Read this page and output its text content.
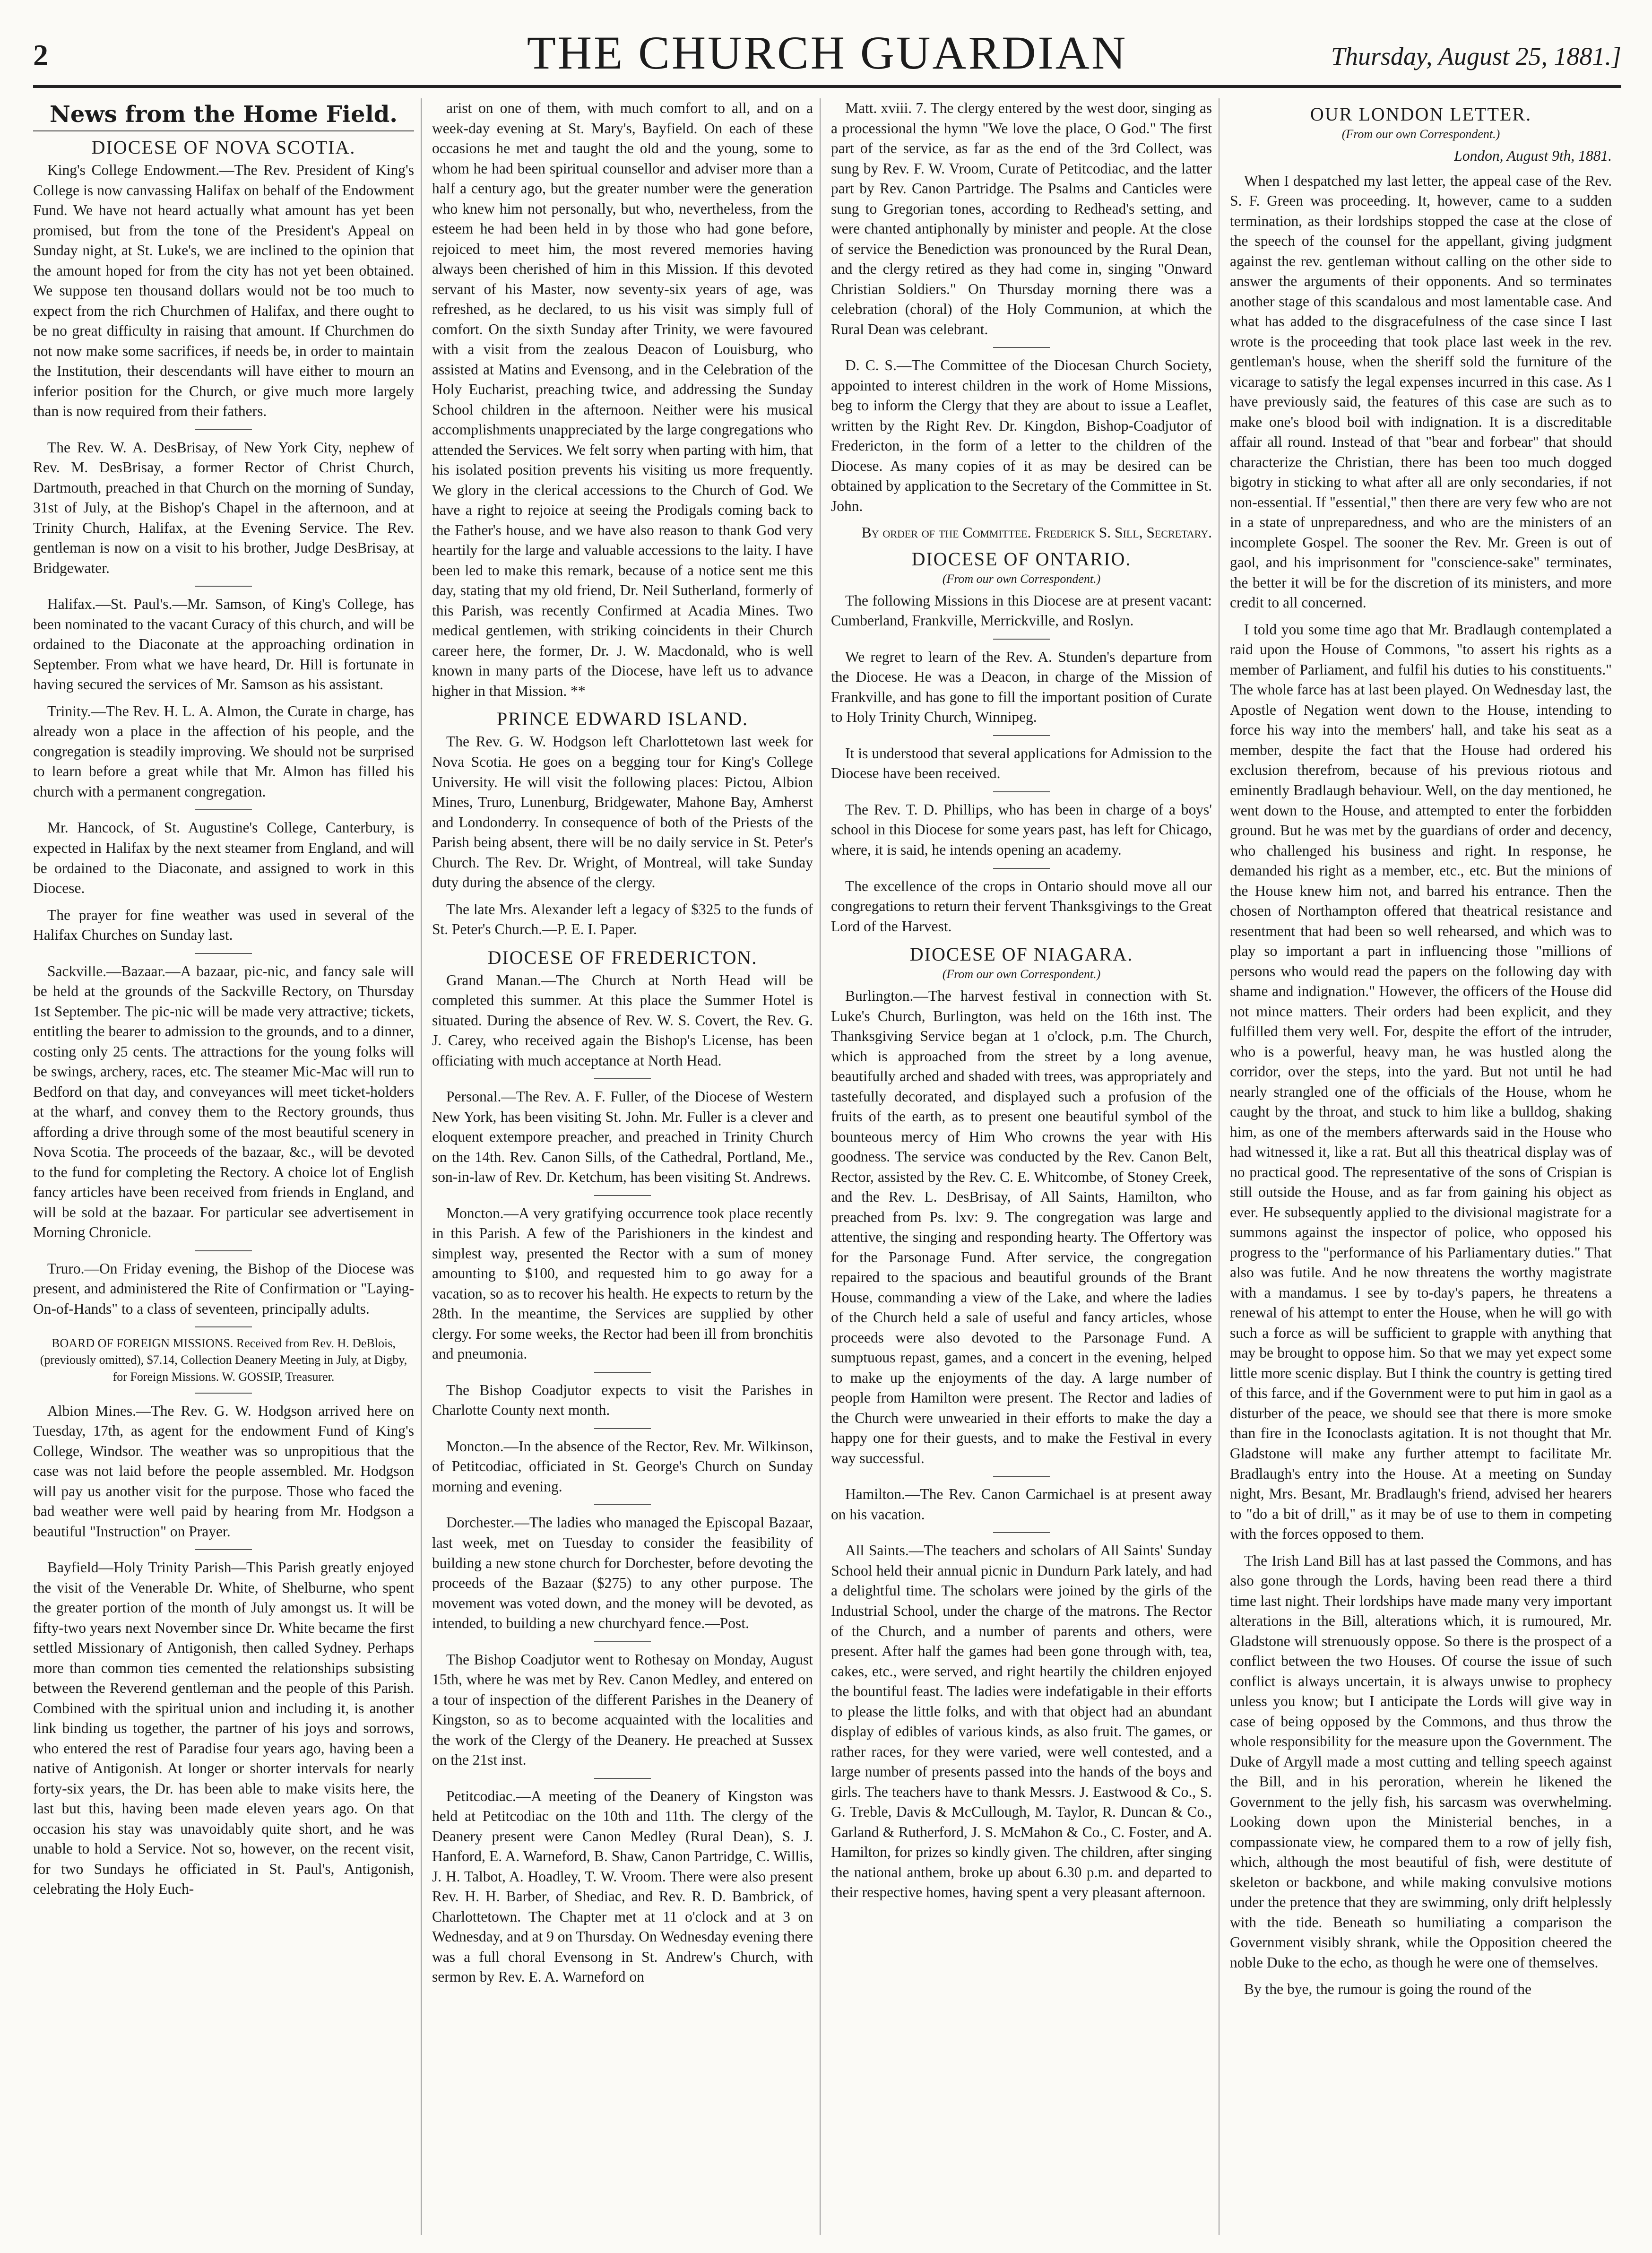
2	THE CHURCH GUARDIAN	Thursday, August 25, 1881.]
News from the Home Field.
DIOCESE OF NOVA SCOTIA.

King's College Endowment.—The Rev. President of King's College is now canvassing Halifax on behalf of the Endowment Fund. We have not heard actually what amount has yet been promised, but from the tone of the President's Appeal on Sunday night, at St. Luke's, we are inclined to the opinion that the amount hoped for from the city has not yet been obtained. We suppose ten thousand dollars would not be too much to expect from the rich Churchmen of Halifax, and there ought to be no great difficulty in raising that amount. If Churchmen do not now make some sacrifices, if needs be, in order to maintain the Institution, their descendants will have either to mourn an inferior position for the Church, or give much more largely than is now required from their fathers.

The Rev. W. A. DesBrisay, of New York City, nephew of Rev. M. DesBrisay, a former Rector of Christ Church, Dartmouth, preached in that Church on the morning of Sunday, 31st of July, at the Bishop's Chapel in the afternoon, and at Trinity Church, Halifax, at the Evening Service. The Rev. gentleman is now on a visit to his brother, Judge DesBrisay, at Bridgewater.

Halifax.—St. Paul's.—Mr. Samson, of King's College, has been nominated to the vacant Curacy of this church, and will be ordained to the Diaconate at the approaching ordination in September. From what we have heard, Dr. Hill is fortunate in having secured the services of Mr. Samson as his assistant.

Trinity.—The Rev. H. L. A. Almon, the Curate in charge, has already won a place in the affection of his people, and the congregation is steadily improving. We should not be surprised to learn before a great while that Mr. Almon has filled his church with a permanent congregation.

Mr. Hancock, of St. Augustine's College, Canterbury, is expected in Halifax by the next steamer from England, and will be ordained to the Diaconate, and assigned to work in this Diocese.

The prayer for fine weather was used in several of the Halifax Churches on Sunday last.

Sackville.—Bazaar.—A bazaar, pic-nic, and fancy sale will be held at the grounds of the Sackville Rectory, on Thursday 1st September. The pic-nic will be made very attractive; tickets, entitling the bearer to admission to the grounds, and to a dinner, costing only 25 cents. The attractions for the young folks will be swings, archery, races, etc. The steamer Mic-Mac will run to Bedford on that day, and conveyances will meet ticket-holders at the wharf, and convey them to the Rectory grounds, thus affording a drive through some of the most beautiful scenery in Nova Scotia. The proceeds of the bazaar, &c., will be devoted to the fund for completing the Rectory. A choice lot of English fancy articles have been received from friends in England, and will be sold at the bazaar. For particular see advertisement in Morning Chronicle.

Truro.—On Friday evening, the Bishop of the Diocese was present, and administered the Rite of Confirmation or "Laying-On-of-Hands" to a class of seventeen, principally adults.

BOARD OF FOREIGN MISSIONS. Received from Rev. H. DeBlois, (previously omitted), $7.14, Collection Deanery Meeting in July, at Digby, for Foreign Missions. W. GOSSIP, Treasurer.

Albion Mines.—The Rev. G. W. Hodgson arrived here on Tuesday, 17th, as agent for the endowment Fund of King's College, Windsor. The weather was so unpropitious that the case was not laid before the people assembled. Mr. Hodgson will pay us another visit for the purpose. Those who faced the bad weather were well paid by hearing from Mr. Hodgson a beautiful "Instruction" on Prayer.

Bayfield—Holy Trinity Parish—This Parish greatly enjoyed the visit of the Venerable Dr. White, of Shelburne, who spent the greater portion of the month of July amongst us. It will be fifty-two years next November since Dr. White became the first settled Missionary of Antigonish, then called Sydney. Perhaps more than common ties cemented the relationships subsisting between the Reverend gentleman and the people of this Parish. Combined with the spiritual union and including it, is another link binding us together, the partner of his joys and sorrows, who entered the rest of Paradise four years ago, having been a native of Antigonish. At longer or shorter intervals for nearly forty-six years, the Dr. has been able to make visits here, the last but this, having been made eleven years ago. On that occasion his stay was unavoidably quite short, and he was unable to hold a Service. Not so, however, on the recent visit, for two Sundays he officiated in St. Paul's, Antigonish, celebrating the Holy Euch-

arist on one of them, with much comfort to all, and on a week-day evening at St. Mary's, Bayfield. On each of these occasions he met and taught the old and the young, some to whom he had been spiritual counsellor and adviser more than a half a century ago, but the greater number were the generation who knew him not personally, but who, nevertheless, from the esteem he had been held in by those who had gone before, rejoiced to meet him, the most revered memories having always been cherished of him in this Mission. If this devoted servant of his Master, now seventy-six years of age, was refreshed, as he declared, to us his visit was simply full of comfort. On the sixth Sunday after Trinity, we were favoured with a visit from the zealous Deacon of Louisburg, who assisted at Matins and Evensong, and in the Celebration of the Holy Eucharist, preaching twice, and addressing the Sunday School children in the afternoon. Neither were his musical accomplishments unappreciated by the large congregations who attended the Services. We felt sorry when parting with him, that his isolated position prevents his visiting us more frequently. We glory in the clerical accessions to the Church of God. We have a right to rejoice at seeing the Prodigals coming back to the Father's house, and we have also reason to thank God very heartily for the large and valuable accessions to the laity. I have been led to make this remark, because of a notice sent me this day, stating that my old friend, Dr. Neil Sutherland, formerly of this Parish, was recently Confirmed at Acadia Mines. Two medical gentlemen, with striking coincidents in their Church career here, the former, Dr. J. W. Macdonald, who is well known in many parts of the Diocese, have left us to advance higher in that Mission. **

PRINCE EDWARD ISLAND.

The Rev. G. W. Hodgson left Charlottetown last week for Nova Scotia. He goes on a begging tour for King's College University. He will visit the following places: Pictou, Albion Mines, Truro, Lunenburg, Bridgewater, Mahone Bay, Amherst and Londonderry. In consequence of both of the Priests of the Parish being absent, there will be no daily service in St. Peter's Church. The Rev. Dr. Wright, of Montreal, will take Sunday duty during the absence of the clergy.

The late Mrs. Alexander left a legacy of $325 to the funds of St. Peter's Church.—P. E. I. Paper.

DIOCESE OF FREDERICTON.

Grand Manan.—The Church at North Head will be completed this summer. At this place the Summer Hotel is situated. During the absence of Rev. W. S. Covert, the Rev. G. J. Carey, who received again the Bishop's License, has been officiating with much acceptance at North Head.

Personal.—The Rev. A. F. Fuller, of the Diocese of Western New York, has been visiting St. John. Mr. Fuller is a clever and eloquent extempore preacher, and preached in Trinity Church on the 14th. Rev. Canon Sills, of the Cathedral, Portland, Me., son-in-law of Rev. Dr. Ketchum, has been visiting St. Andrews.

Moncton.—A very gratifying occurrence took place recently in this Parish. A few of the Parishioners in the kindest and simplest way, presented the Rector with a sum of money amounting to $100, and requested him to go away for a vacation, so as to recover his health. He expects to return by the 28th. In the meantime, the Services are supplied by other clergy. For some weeks, the Rector had been ill from bronchitis and pneumonia.

The Bishop Coadjutor expects to visit the Parishes in Charlotte County next month.

Moncton.—In the absence of the Rector, Rev. Mr. Wilkinson, of Petitcodiac, officiated in St. George's Church on Sunday morning and evening.

Dorchester.—The ladies who managed the Episcopal Bazaar, last week, met on Tuesday to consider the feasibility of building a new stone church for Dorchester, before devoting the proceeds of the Bazaar ($275) to any other purpose. The movement was voted down, and the money will be devoted, as intended, to building a new churchyard fence.—Post.

The Bishop Coadjutor went to Rothesay on Monday, August 15th, where he was met by Rev. Canon Medley, and entered on a tour of inspection of the different Parishes in the Deanery of Kingston, so as to become acquainted with the localities and the work of the Clergy of the Deanery. He preached at Sussex on the 21st inst.

Petitcodiac.—A meeting of the Deanery of Kingston was held at Petitcodiac on the 10th and 11th. The clergy of the Deanery present were Canon Medley (Rural Dean), S. J. Hanford, E. A. Warneford, B. Shaw, Canon Partridge, C. Willis, J. H. Talbot, A. Hoadley, T. W. Vroom. There were also present Rev. H. H. Barber, of Shediac, and Rev. R. D. Bambrick, of Charlottetown. The Chapter met at 11 o'clock and at 3 on Wednesday, and at 9 on Thursday. On Wednesday evening there was a full choral Evensong in St. Andrew's Church, with sermon by Rev. E. A. Warneford on

Matt. xviii. 7. The clergy entered by the west door, singing as a processional the hymn "We love the place, O God." The first part of the service, as far as the end of the 3rd Collect, was sung by Rev. F. W. Vroom, Curate of Petitcodiac, and the latter part by Rev. Canon Partridge. The Psalms and Canticles were sung to Gregorian tones, according to Redhead's setting, and were chanted antiphonally by minister and people. At the close of service the Benediction was pronounced by the Rural Dean, and the clergy retired as they had come in, singing "Onward Christian Soldiers." On Thursday morning there was a celebration (choral) of the Holy Communion, at which the Rural Dean was celebrant.

D. C. S.—The Committee of the Diocesan Church Society, appointed to interest children in the work of Home Missions, beg to inform the Clergy that they are about to issue a Leaflet, written by the Right Rev. Dr. Kingdon, Bishop-Coadjutor of Fredericton, in the form of a letter to the children of the Diocese. As many copies of it as may be desired can be obtained by application to the Secretary of the Committee in St. John.

By order of the Committee. Frederick S. Sill, Secretary.
DIOCESE OF ONTARIO.
(From our own Correspondent.)

The following Missions in this Diocese are at present vacant: Cumberland, Frankville, Merrickville, and Roslyn.

We regret to learn of the Rev. A. Stunden's departure from the Diocese. He was a Deacon, in charge of the Mission of Frankville, and has gone to fill the important position of Curate to Holy Trinity Church, Winnipeg.

It is understood that several applications for Admission to the Diocese have been received.

The Rev. T. D. Phillips, who has been in charge of a boys' school in this Diocese for some years past, has left for Chicago, where, it is said, he intends opening an academy.

The excellence of the crops in Ontario should move all our congregations to return their fervent Thanksgivings to the Great Lord of the Harvest.

DIOCESE OF NIAGARA.
(From our own Correspondent.)

Burlington.—The harvest festival in connection with St. Luke's Church, Burlington, was held on the 16th inst. The Thanksgiving Service began at 1 o'clock, p.m. The Church, which is approached from the street by a long avenue, beautifully arched and shaded with trees, was appropriately and tastefully decorated, and displayed such a profusion of the fruits of the earth, as to present one beautiful symbol of the bounteous mercy of Him Who crowns the year with His goodness. The service was conducted by the Rev. Canon Belt, Rector, assisted by the Rev. C. E. Whitcombe, of Stoney Creek, and the Rev. L. DesBrisay, of All Saints, Hamilton, who preached from Ps. lxv: 9. The congregation was large and attentive, the singing and responding hearty. The Offertory was for the Parsonage Fund. After service, the congregation repaired to the spacious and beautiful grounds of the Brant House, commanding a view of the Lake, and where the ladies of the Church held a sale of useful and fancy articles, whose proceeds were also devoted to the Parsonage Fund. A sumptuous repast, games, and a concert in the evening, helped to make up the enjoyments of the day. A large number of people from Hamilton were present. The Rector and ladies of the Church were unwearied in their efforts to make the day a happy one for their guests, and to make the Festival in every way successful.

Hamilton.—The Rev. Canon Carmichael is at present away on his vacation.

All Saints.—The teachers and scholars of All Saints' Sunday School held their annual picnic in Dundurn Park lately, and had a delightful time. The scholars were joined by the girls of the Industrial School, under the charge of the matrons. The Rector of the Church, and a number of parents and others, were present. After half the games had been gone through with, tea, cakes, etc., were served, and right heartily the children enjoyed the bountiful feast. The ladies were indefatigable in their efforts to please the little folks, and with that object had an abundant display of edibles of various kinds, as also fruit. The games, or rather races, for they were varied, were well contested, and a large number of presents passed into the hands of the boys and girls. The teachers have to thank Messrs. J. Eastwood & Co., S. G. Treble, Davis & McCullough, M. Taylor, R. Duncan & Co., Garland & Rutherford, J. S. McMahon & Co., C. Foster, and A. Hamilton, for prizes so kindly given. The children, after singing the national anthem, broke up about 6.30 p.m. and departed to their respective homes, having spent a very pleasant afternoon.

OUR LONDON LETTER.
(From our own Correspondent.)
London, August 9th, 1881.

When I despatched my last letter, the appeal case of the Rev. S. F. Green was proceeding. It, however, came to a sudden termination, as their lordships stopped the case at the close of the speech of the counsel for the appellant, giving judgment against the rev. gentleman without calling on the other side to answer the arguments of their opponents. And so terminates another stage of this scandalous and most lamentable case. And what has added to the disgracefulness of the case since I last wrote is the proceeding that took place last week in the rev. gentleman's house, when the sheriff sold the furniture of the vicarage to satisfy the legal expenses incurred in this case. As I have previously said, the features of this case are such as to make one's blood boil with indignation. It is a discreditable affair all round. Instead of that "bear and forbear" that should characterize the Christian, there has been too much dogged bigotry in sticking to what after all are only secondaries, if not non-essential. If "essential," then there are very few who are not in a state of unpreparedness, and who are the ministers of an incomplete Gospel. The sooner the Rev. Mr. Green is out of gaol, and his imprisonment for "conscience-sake" terminates, the better it will be for the discretion of its ministers, and more credit to all concerned.

I told you some time ago that Mr. Bradlaugh contemplated a raid upon the House of Commons, "to assert his rights as a member of Parliament, and fulfil his duties to his constituents." The whole farce has at last been played. On Wednesday last, the Apostle of Negation went down to the House, intending to force his way into the members' hall, and take his seat as a member, despite the fact that the House had ordered his exclusion therefrom, because of his previous riotous and eminently Bradlaugh behaviour. Well, on the day mentioned, he went down to the House, and attempted to enter the forbidden ground. But he was met by the guardians of order and decency, who challenged his business and right. In response, he demanded his right as a member, etc., etc. But the minions of the House knew him not, and barred his entrance. Then the chosen of Northampton offered that theatrical resistance and resentment that had been so well rehearsed, and which was to play so important a part in influencing those "millions of persons who would read the papers on the following day with shame and indignation." However, the officers of the House did not mince matters. Their orders had been explicit, and they fulfilled them very well. For, despite the effort of the intruder, who is a powerful, heavy man, he was hustled along the corridor, over the steps, into the yard. But not until he had nearly strangled one of the officials of the House, whom he caught by the throat, and stuck to him like a bulldog, shaking him, as one of the members afterwards said in the House who had witnessed it, like a rat. But all this theatrical display was of no practical good. The representative of the sons of Crispian is still outside the House, and as far from gaining his object as ever. He subsequently applied to the divisional magistrate for a summons against the inspector of police, who opposed his progress to the "performance of his Parliamentary duties." That also was futile. And he now threatens the worthy magistrate with a mandamus. I see by to-day's papers, he threatens a renewal of his attempt to enter the House, when he will go with such a force as will be sufficient to grapple with anything that may be brought to oppose him. So that we may yet expect some little more scenic display. But I think the country is getting tired of this farce, and if the Government were to put him in gaol as a disturber of the peace, we should see that there is more smoke than fire in the Iconoclasts agitation. It is not thought that Mr. Gladstone will make any further attempt to facilitate Mr. Bradlaugh's entry into the House. At a meeting on Sunday night, Mrs. Besant, Mr. Bradlaugh's friend, advised her hearers to "do a bit of drill," as it may be of use to them in competing with the forces opposed to them.

The Irish Land Bill has at last passed the Commons, and has also gone through the Lords, having been read there a third time last night. Their lordships have made many very important alterations in the Bill, alterations which, it is rumoured, Mr. Gladstone will strenuously oppose. So there is the prospect of a conflict between the two Houses. Of course the issue of such conflict is always uncertain, it is always unwise to prophecy unless you know; but I anticipate the Lords will give way in case of being opposed by the Commons, and thus throw the whole responsibility for the measure upon the Government. The Duke of Argyll made a most cutting and telling speech against the Bill, and in his peroration, wherein he likened the Government to the jelly fish, his sarcasm was overwhelming. Looking down upon the Ministerial benches, in a compassionate view, he compared them to a row of jelly fish, which, although the most beautiful of fish, were destitute of skeleton or backbone, and while making convulsive motions under the pretence that they are swimming, only drift helplessly with the tide. Beneath so humiliating a comparison the Government visibly shrank, while the Opposition cheered the noble Duke to the echo, as though he were one of themselves.

By the bye, the rumour is going the round of the
